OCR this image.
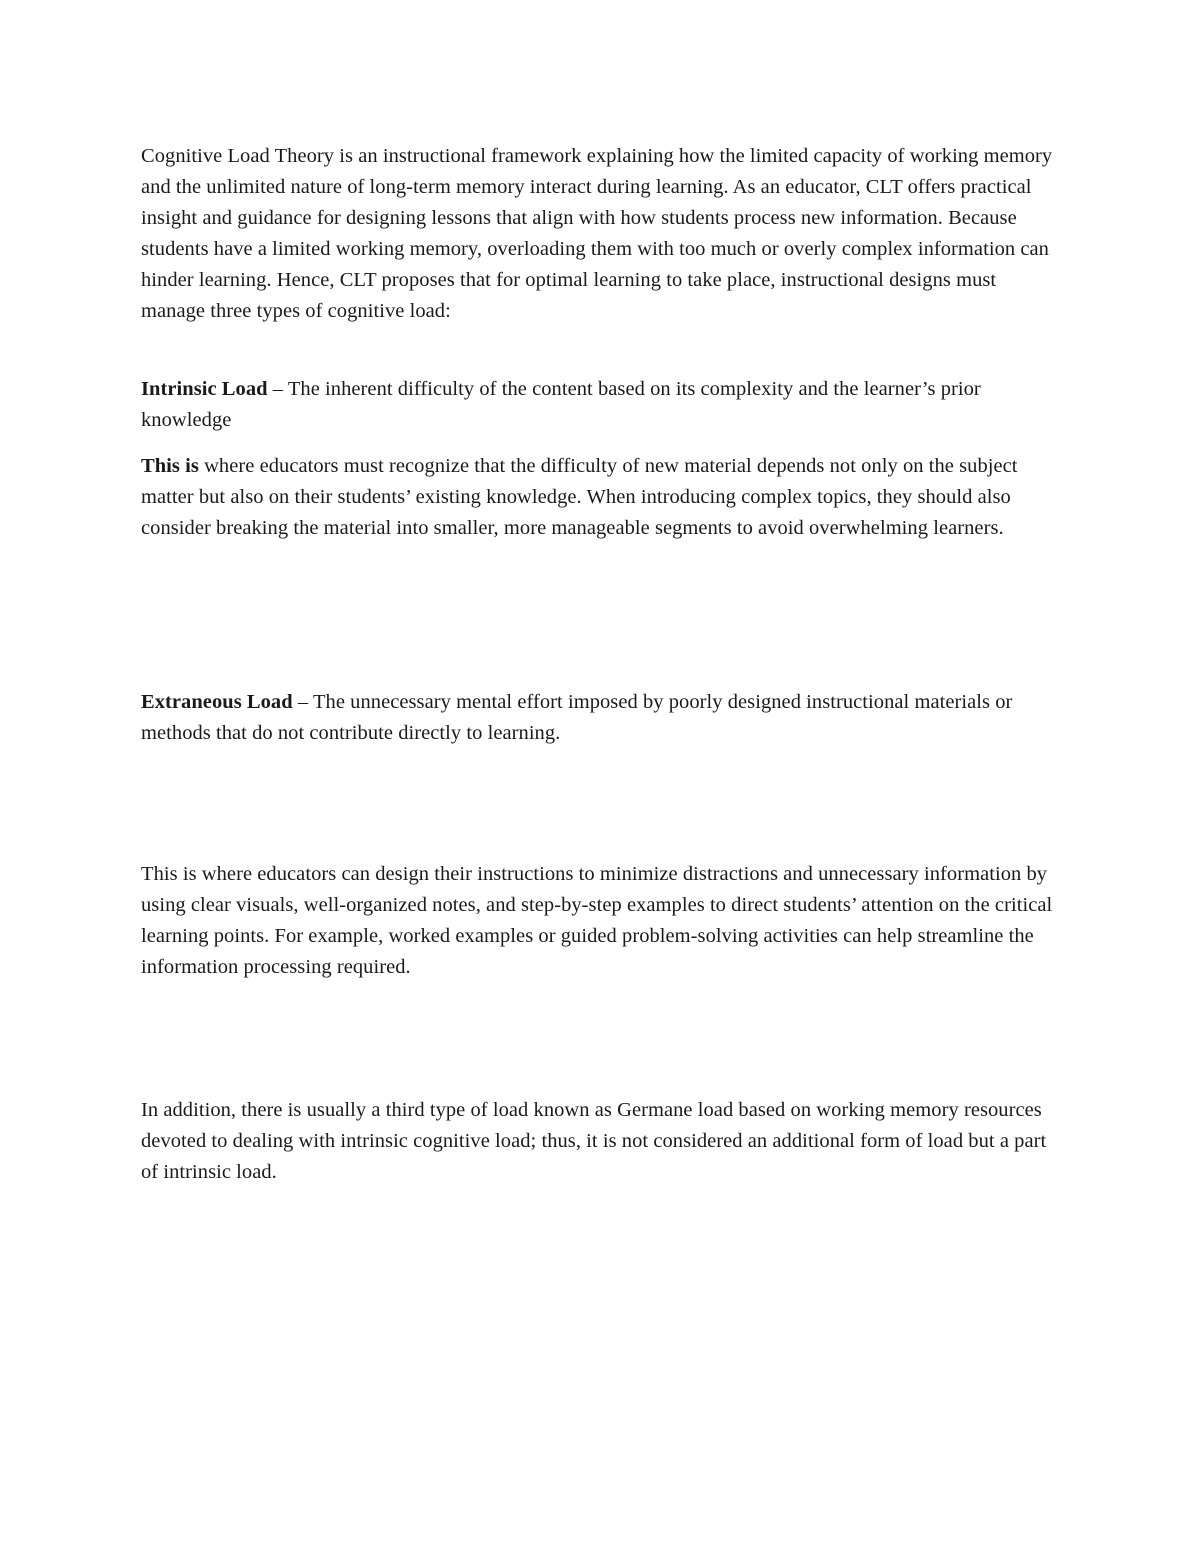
Cognitive Load Theory is an instructional framework explaining how the limited capacity of working memory and the unlimited nature of long-term memory interact during learning. As an educator, CLT offers practical insight and guidance for designing lessons that align with how students process new information. Because students have a limited working memory, overloading them with too much or overly complex information can hinder learning. Hence, CLT proposes that for optimal learning to take place, instructional designs must manage three types of cognitive load:

Intrinsic Load – The inherent difficulty of the content based on its complexity and the learner’s prior knowledge

This is where educators must recognize that the difficulty of new material depends not only on the subject matter but also on their students’ existing knowledge. When introducing complex topics, they should also consider breaking the material into smaller, more manageable segments to avoid overwhelming learners.

Extraneous Load – The unnecessary mental effort imposed by poorly designed instructional materials or methods that do not contribute directly to learning.

This is where educators can design their instructions to minimize distractions and unnecessary information by using clear visuals, well-organized notes, and step-by-step examples to direct students’ attention on the critical learning points. For example, worked examples or guided problem-solving activities can help streamline the information processing required.

In addition, there is usually a third type of load known as Germane load based on working memory resources devoted to dealing with intrinsic cognitive load; thus, it is not considered an additional form of load but a part of intrinsic load.
